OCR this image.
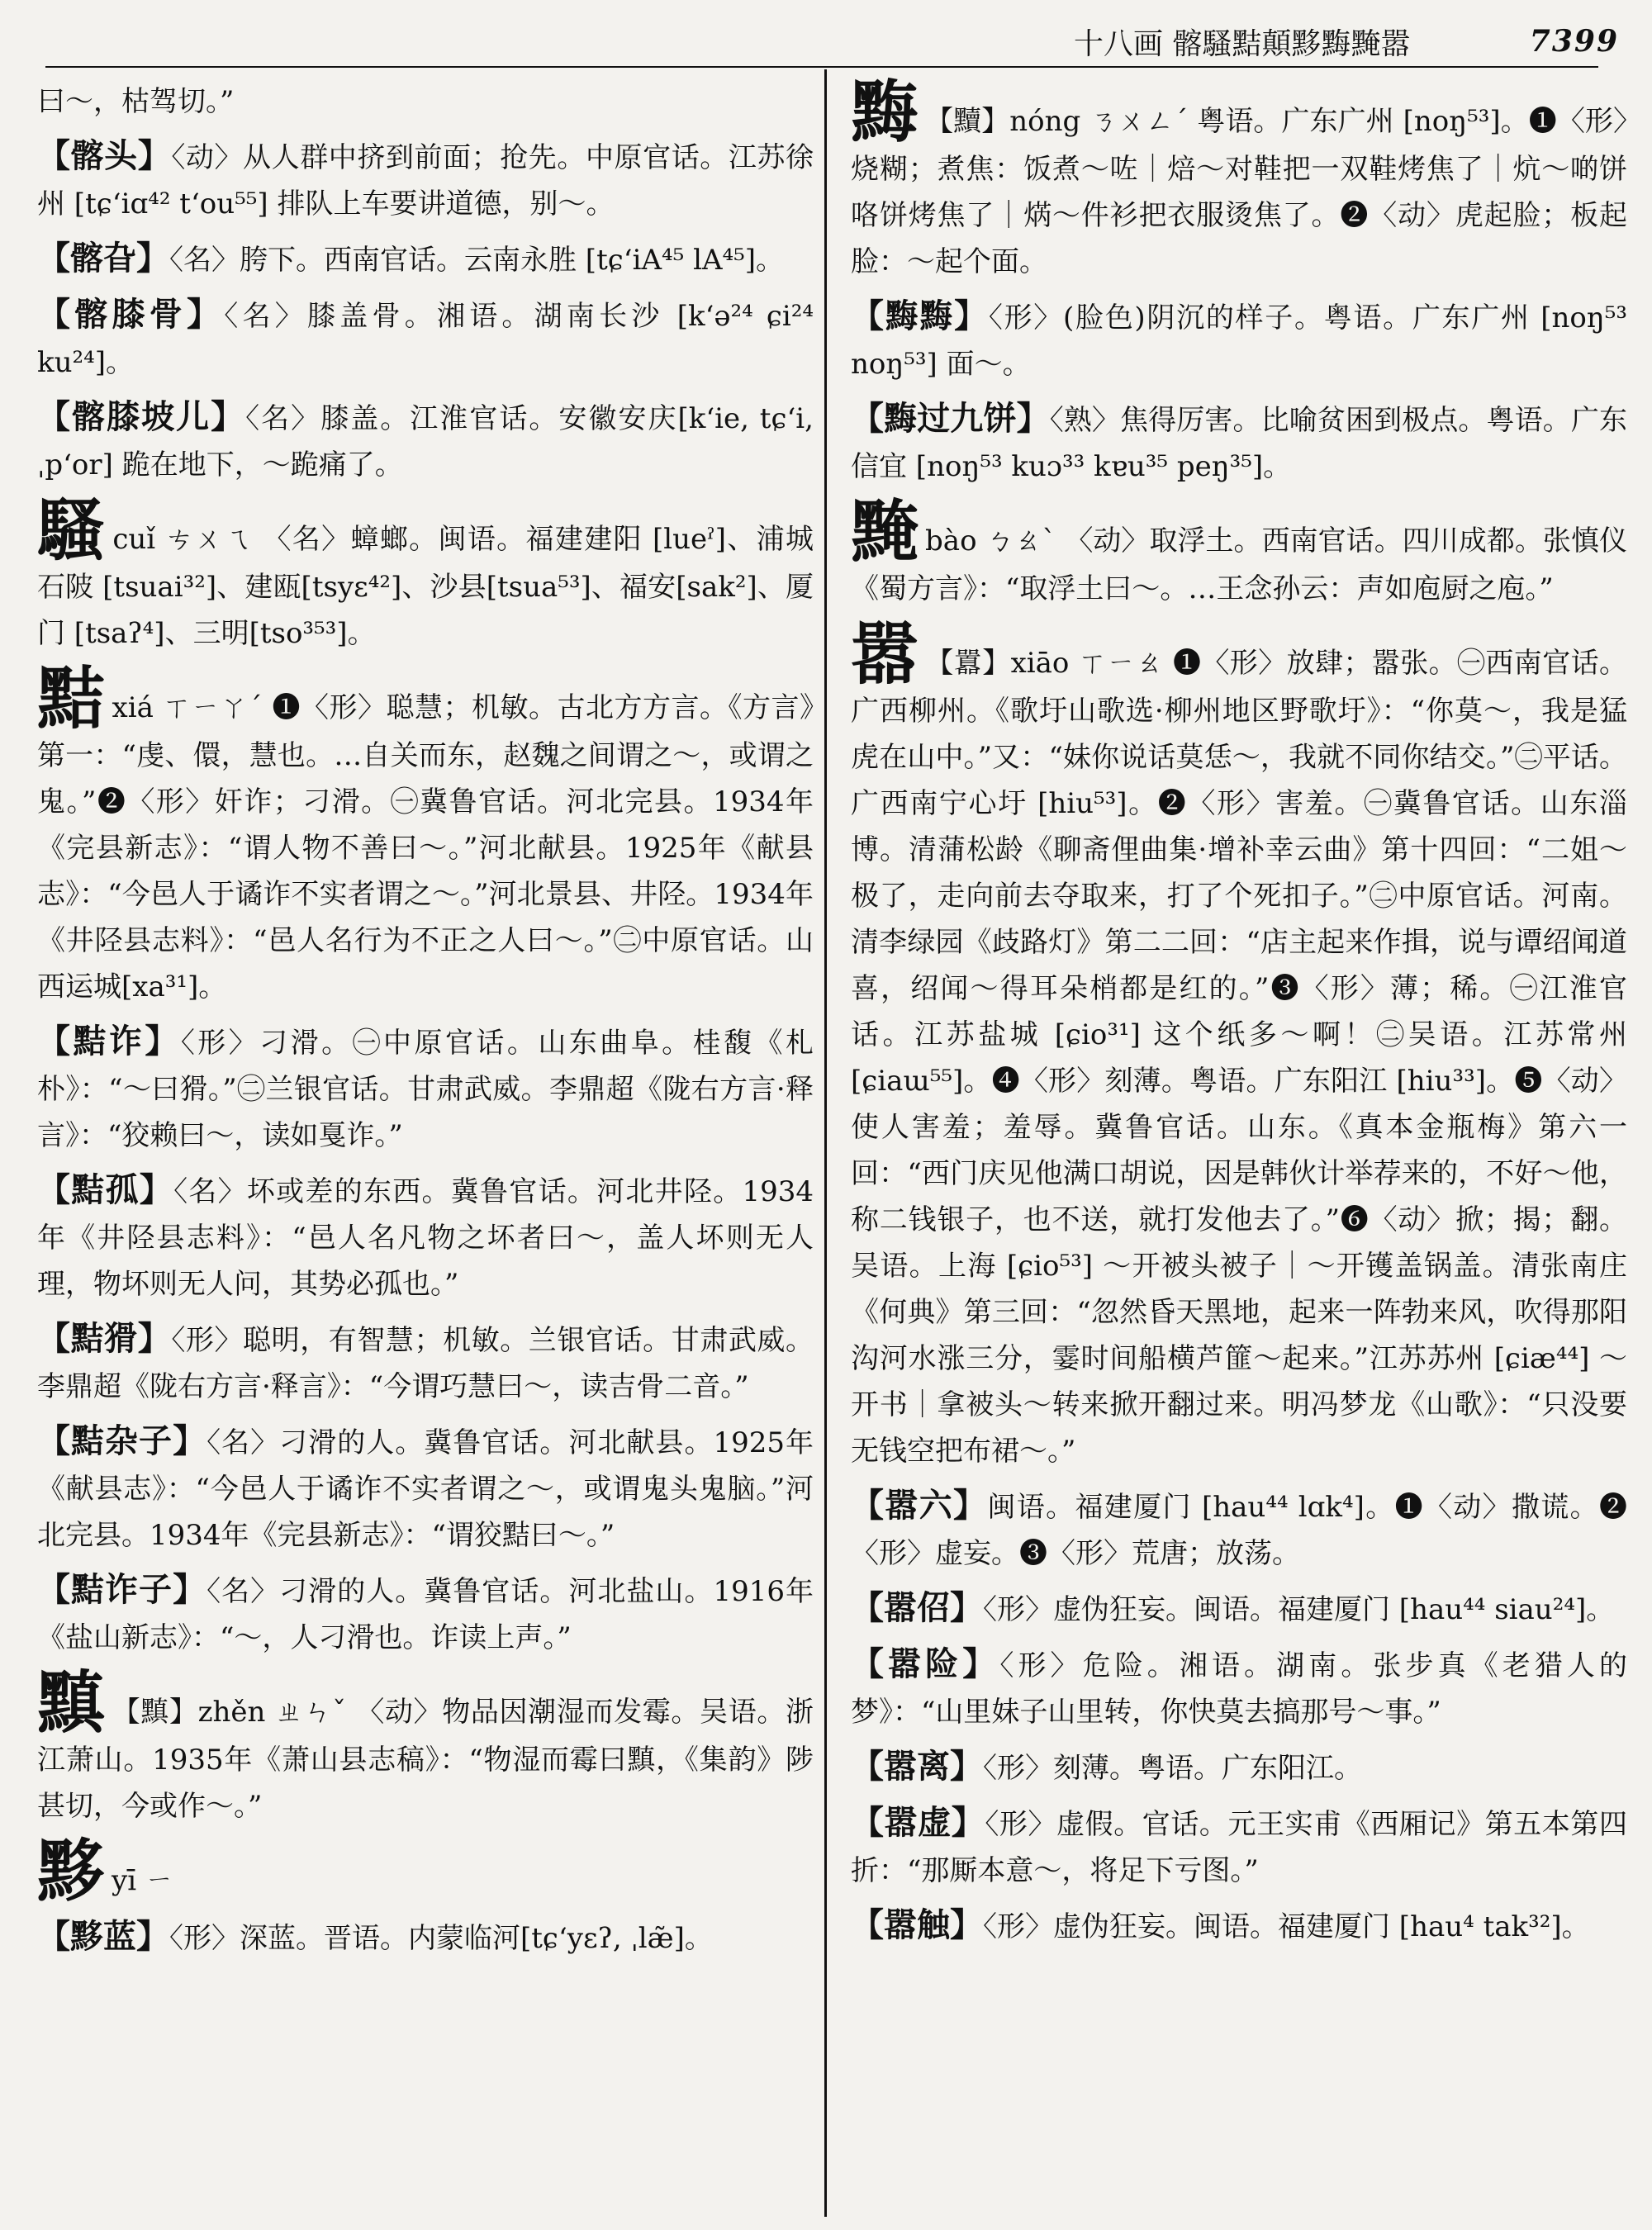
十八画 髂騷黠顛黟黣黤嚣	7399
曰～，枯驾切。”
【髂头】〈动〉从人群中挤到前面；抢先。中原官话。江苏徐州 [tɕʻiɑ⁴² tʻou⁵⁵] 排队上车要讲道德，别～。
【髂旮】〈名〉胯下。西南官话。云南永胜 [tɕʻiA⁴⁵ lA⁴⁵]。
【髂膝骨】〈名〉膝盖骨。湘语。湖南长沙 [kʻə²⁴ ɕi²⁴ ku²⁴]。
【髂膝坡儿】〈名〉膝盖。江淮官话。安徽安庆[kʻie, tɕʻi, ˌpʻor] 跪在地下，～跪痛了。
騷cuǐ ㄘㄨㄟ 〈名〉蟑螂。闽语。福建建阳 [lueˀ]、浦城石陂 [tsuai³²]、建瓯[tsyɛ⁴²]、沙县[tsua⁵³]、福安[sak²]、厦门 [tsaʔ⁴]、三明[tso³⁵³]。
黠xiá ㄒㄧㄚˊ ❶〈形〉聪慧；机敏。古北方方言。《方言》第一：“虔、儇，慧也。…自关而东，赵魏之间谓之～，或谓之鬼。”❷〈形〉奸诈；刁滑。㊀冀鲁官话。河北完县。1934年《完县新志》：“谓人物不善曰～。”河北献县。1925年《献县志》：“今邑人于谲诈不实者谓之～。”河北景县、井陉。1934年《井陉县志料》：“邑人名行为不正之人曰～。”㊁中原官话。山西运城[xa³¹]。
【黠诈】〈形〉刁滑。㊀中原官话。山东曲阜。桂馥《札朴》：“～曰猾。”㊁兰银官话。甘肃武威。李鼎超《陇右方言·释言》：“狡赖曰～，读如戛诈。”
【黠孤】〈名〉坏或差的东西。冀鲁官话。河北井陉。1934年《井陉县志料》：“邑人名凡物之坏者曰～，盖人坏则无人理，物坏则无人问，其势必孤也。”
【黠猾】〈形〉聪明，有智慧；机敏。兰银官话。甘肃武威。李鼎超《陇右方言·释言》：“今谓巧慧曰～，读吉骨二音。”
【黠杂子】〈名〉刁滑的人。冀鲁官话。河北献县。1925年《献县志》：“今邑人于谲诈不实者谓之～，或谓鬼头鬼脑。”河北完县。1934年《完县新志》：“谓狡黠曰～。”
【黠诈子】〈名〉刁滑的人。冀鲁官话。河北盐山。1916年《盐山新志》：“～，人刁滑也。诈读上声。”
黰 【黰】zhěn ㄓㄣˇ 〈动〉物品因潮湿而发霉。吴语。浙江萧山。1935年《萧山县志稿》：“物湿而霉曰黰，《集韵》陟甚切，今或作～。”
黟yī ㄧ
【黟蓝】〈形〉深蓝。晋语。内蒙临河[tɕʻyɛʔ, ˌlæ̃]。
黣 【黷】nóng ㄋㄨㄥˊ 粤语。广东广州 [noŋ⁵³]。❶〈形〉烧糊；煮焦：饭煮～咗｜焙～对鞋把一双鞋烤焦了｜炕～啲饼咯饼烤焦了｜焫～件衫把衣服烫焦了。❷〈动〉虎起脸；板起脸：～起个面。
【黣黣】〈形〉(脸色)阴沉的样子。粤语。广东广州 [noŋ⁵³ noŋ⁵³] 面～。
【黣过九饼】〈熟〉焦得厉害。比喻贫困到极点。粤语。广东信宜 [noŋ⁵³ kuɔ³³ kɐu³⁵ peŋ³⁵]。
黤bào ㄅㄠˋ 〈动〉取浮土。西南官话。四川成都。张慎仪《蜀方言》：“取浮土曰～。…王念孙云：声如庖厨之庖。”
嚣 【囂】xiāo ㄒㄧㄠ ❶〈形〉放肆；嚣张。㊀西南官话。广西柳州。《歌圩山歌选·柳州地区野歌圩》：“你莫～，我是猛虎在山中。”又：“妹你说话莫恁～，我就不同你结交。”㊁平话。广西南宁心圩 [hiu⁵³]。❷〈形〉害羞。㊀冀鲁官话。山东淄博。清蒲松龄《聊斋俚曲集·增补幸云曲》第十四回：“二姐～极了，走向前去夺取来，打了个死扣子。”㊁中原官话。河南。清李绿园《歧路灯》第二二回：“店主起来作揖，说与谭绍闻道喜，绍闻～得耳朵梢都是红的。”❸〈形〉薄；稀。㊀江淮官话。江苏盐城 [ɕio³¹] 这个纸多～啊！㊁吴语。江苏常州 [ɕiaɯ⁵⁵]。❹〈形〉刻薄。粤语。广东阳江 [hiu³³]。❺〈动〉使人害羞；羞辱。冀鲁官话。山东。《真本金瓶梅》第六一回：“西门庆见他满口胡说，因是韩伙计举荐来的，不好～他，称二钱银子，也不送，就打发他去了。”❻〈动〉掀；揭；翻。吴语。上海 [ɕio⁵³] ～开被头被子｜～开镬盖锅盖。清张南庄《何典》第三回：“忽然昏天黑地，起来一阵勃来风，吹得那阳沟河水涨三分，霎时间船横芦篚～起来。”江苏苏州 [ɕiæ⁴⁴] ～开书｜拿被头～转来掀开翻过来。明冯梦龙《山歌》：“只没要无钱空把布裙～。”
【嚣六】闽语。福建厦门 [hau⁴⁴ lɑk⁴]。❶〈动〉撒谎。❷〈形〉虚妄。❸〈形〉荒唐；放荡。
【嚣佋】〈形〉虚伪狂妄。闽语。福建厦门 [hau⁴⁴ siau²⁴]。
【嚣险】〈形〉危险。湘语。湖南。张步真《老猎人的梦》：“山里妹子山里转，你快莫去搞那号～事。”
【嚣离】〈形〉刻薄。粤语。广东阳江。
【嚣虚】〈形〉虚假。官话。元王实甫《西厢记》第五本第四折：“那厮本意～，将足下亏图。”
【嚣触】〈形〉虚伪狂妄。闽语。福建厦门 [hau⁴ tak³²]。
